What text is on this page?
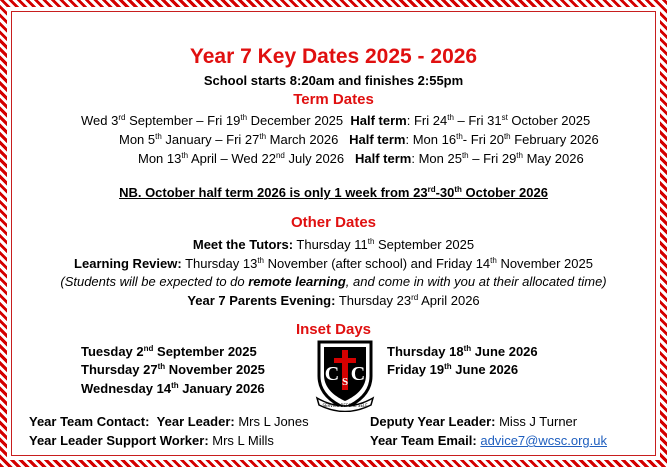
Year 7 Key Dates 2025 - 2026
School starts 8:20am and finishes 2:55pm
Term Dates
Wed 3rd September – Fri 19th December 2025 Half term: Fri 24th – Fri 31st October 2025
Mon 5th January – Fri 27th March 2026 Half term: Mon 16th- Fri 20th February 2026
Mon 13th April – Wed 22nd July 2026 Half term: Mon 25th – Fri 29th May 2026
NB. October half term 2026 is only 1 week from 23rd-30th October 2026
Other Dates
Meet the Tutors: Thursday 11th September 2025
Learning Review: Thursday 13th November (after school) and Friday 14th November 2025
(Students will be expected to do remote learning, and come in with you at their allocated time)
Year 7 Parents Evening: Thursday 23rd April 2026
Inset Days
Tuesday 2nd September 2025
Thursday 27th November 2025
Wednesday 14th January 2026
Thursday 18th June 2026
Friday 19th June 2026
C C
S
SERVICE BEFORE SELF
Year Team Contact: Year Leader: Mrs L Jones	Deputy Year Leader: Miss J Turner
Year Leader Support Worker: Mrs L Mills	Year Team Email: advice7@wcsc.org.uk
